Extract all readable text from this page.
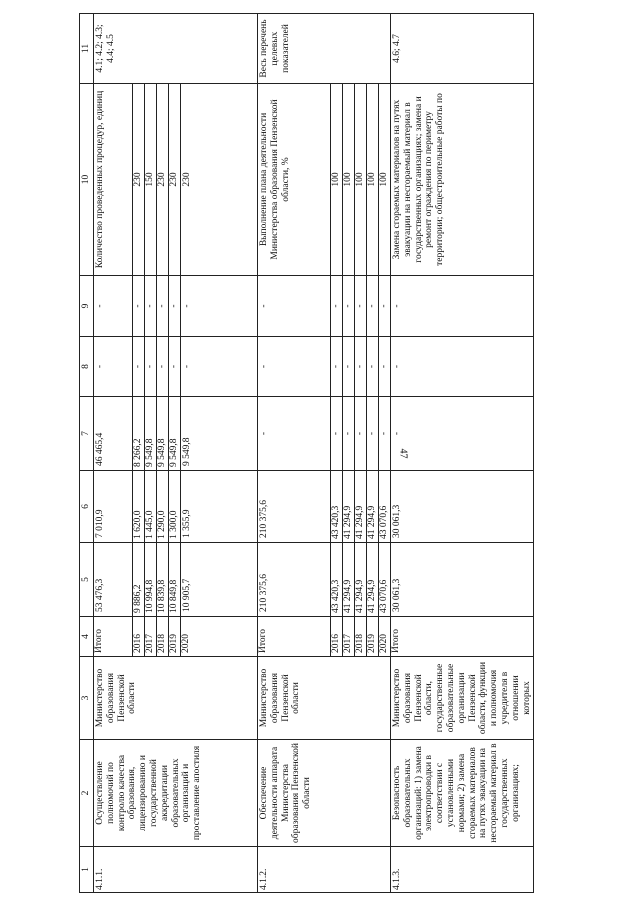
47
1	2	3	4	5	6	7	8	9	10	11
4.1.1.	Осуществление полномочий по контролю качества образования, лицензированию и государственной аккредитации образовательных организаций и проставление апостиля	Министерство образования Пензенской области	Итого	53 476,3	7 010,9	46 465,4	-	-	Количество проведенных процедур, единиц	4.1; 4.2; 4.3; 4.4; 4.5
			2016	9 886,2	1 620,0	8 266,2	-	-	230	
			2017	10 994,8	1 445,0	9 549,8	-	-	150	
			2018	10 839,8	1 290,0	9 549,8	-	-	230	
			2019	10 849,8	1 300,0	9 549,8	-	-	230	
			2020	10 905,7	1 355,9	9 549,8	-	-	230	
4.1.2.	Обеспечение деятельности аппарата Министерства образования Пензенской области	Министерство образования Пензенской области	Итого	210 375,6	210 375,6	-	-	-	Выполнение плана деятельности Министерства образования Пензенской области, %	Весь перечень целевых показателей
			2016	43 420,3	43 420,3	-	-	-	100	
			2017	41 294,9	41 294,9	-	-	-	100	
			2018	41 294,9	41 294,9	-	-	-	100	
			2019	41 294,9	41 294,9	-	-	-	100	
			2020	43 070,6	43 070,6	-	-	-	100	
4.1.3.	Безопасность образовательных организаций: 1) замена электропроводки в соответствии с установленными нормами; 2) замена сгораемых материалов на путях эвакуации на несгораемый материал в государственных организациях;	Министерство образования Пензенской области, государственные образовательные организации Пензенской области, функции и полномочия учредителя в отношении которых	Итого	30 061,3	30 061,3	-	-	-	Замена сгораемых материалов на путях эвакуации на несгораемый материал в государственных организациях; замена и ремонт ограждения по периметру территории; общестроительные работы по	4.6; 4.7
